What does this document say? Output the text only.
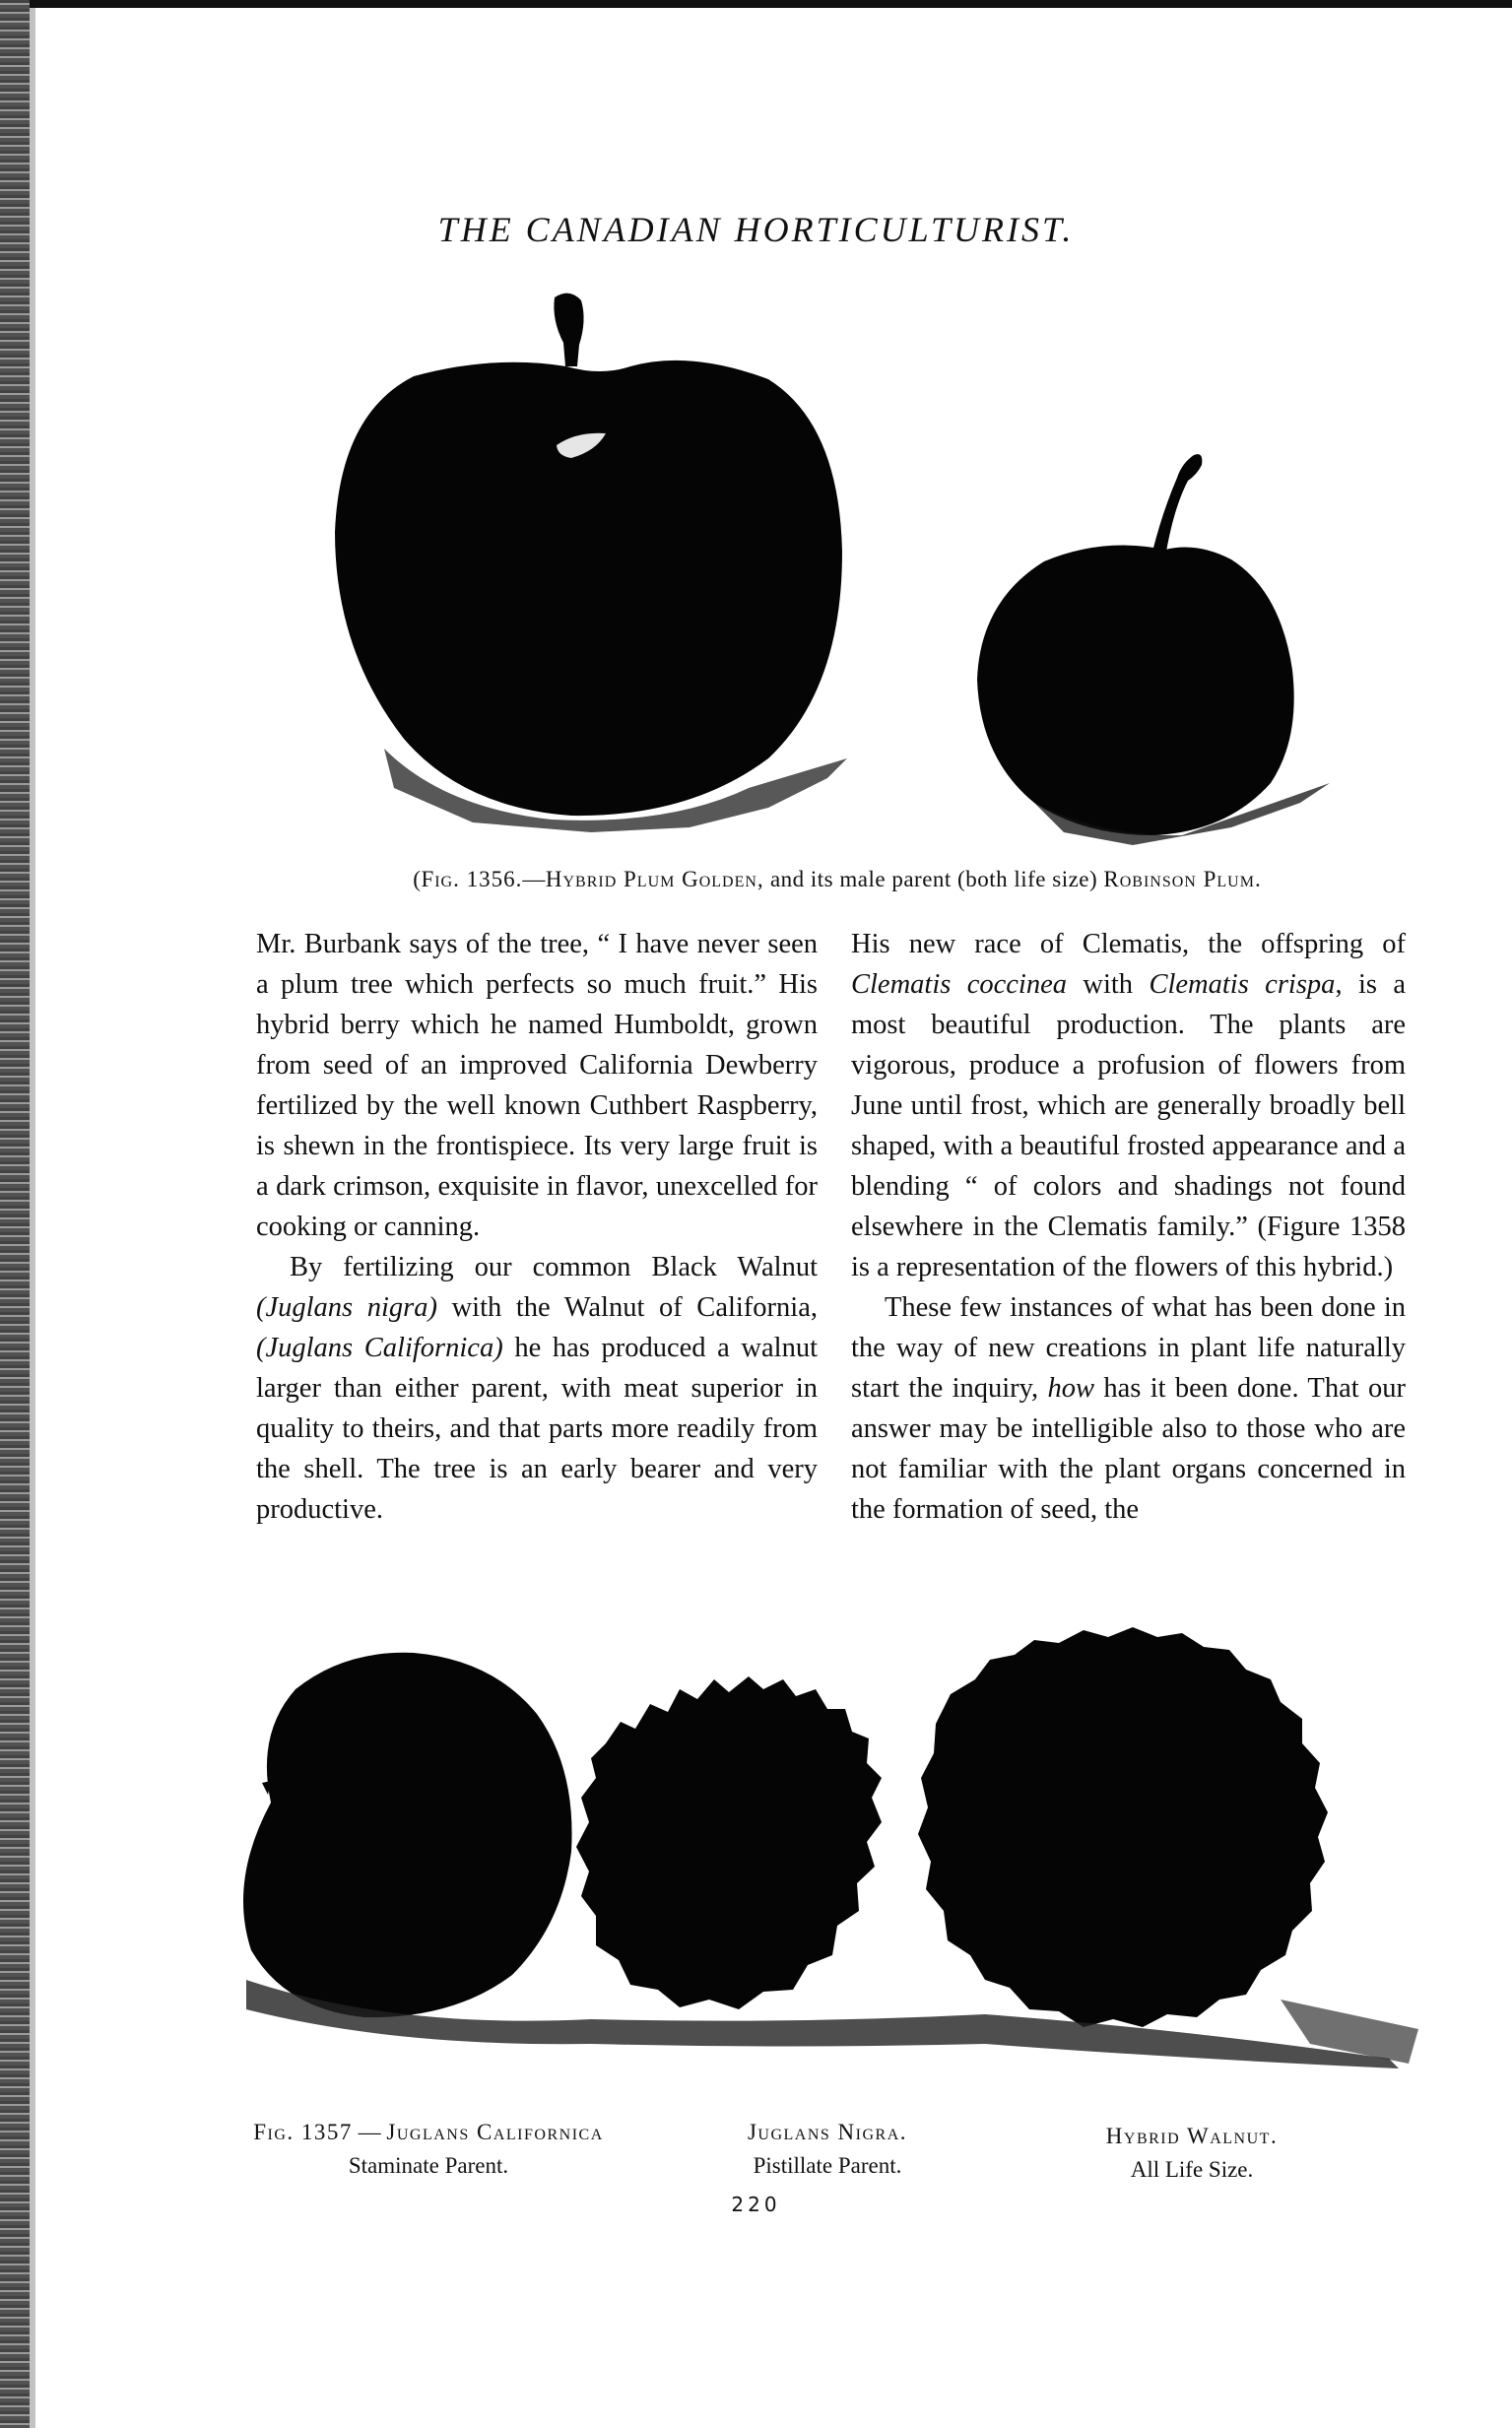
THE CANADIAN HORTICULTURIST.
(Fig. 1356.—Hybrid Plum Golden, and its male parent (both life size) Robinson Plum.

Mr. Burbank says of the tree, “ I have never seen a plum tree which perfects so much fruit.” His hybrid berry which he named Humboldt, grown from seed of an improved California Dewberry fertilized by the well known Cuthbert Raspberry, is shewn in the frontispiece. Its very large fruit is a dark crimson, exquisite in flavor, unexcelled for cooking or canning.

By fertilizing our common Black Walnut (Juglans nigra) with the Walnut of California, (Juglans Californica) he has produced a walnut larger than either parent, with meat superior in quality to theirs, and that parts more readily from the shell. The tree is an early bearer and very productive.

His new race of Clematis, the offspring of Clematis coccinea with Clematis crispa, is a most beautiful production. The plants are vigorous, produce a profusion of flowers from June until frost, which are generally broadly bell shaped, with a beautiful frosted appearance and a blending “ of colors and shadings not found elsewhere in the Clematis family.” (Figure 1358 is a representation of the flowers of this hybrid.)

These few instances of what has been done in the way of new creations in plant life naturally start the inquiry, how has it been done. That our answer may be intelligible also to those who are not familiar with the plant organs concerned in the formation of seed, the

Fig. 1357 — Juglans Californica
Staminate Parent.
Juglans Nigra.
Pistillate Parent.
Hybrid Walnut.
All Life Size.
220
